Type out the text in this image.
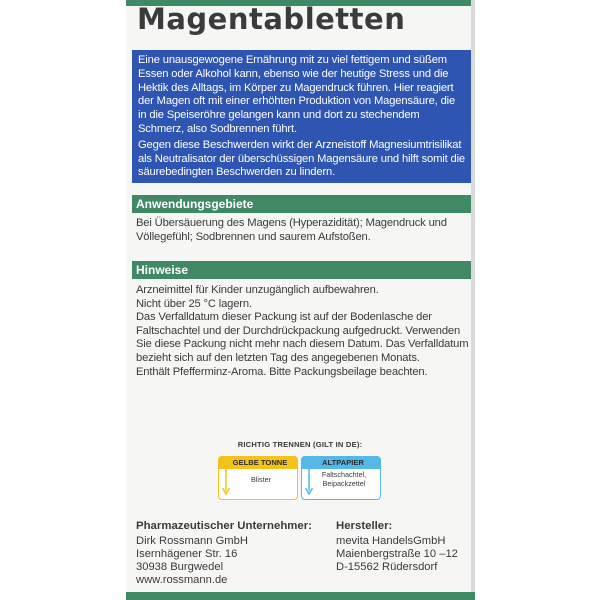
Magentabletten

Eine unausgewogene Ernährung mit zu viel fettigem und süßem Essen oder Alkohol kann, ebenso wie der heutige Stress und die Hektik des Alltags, im Körper zu Magendruck führen. Hier reagiert der Magen oft mit einer erhöhten Produktion von Magensäure, die in die Speiseröhre gelangen kann und dort zu stechendem Schmerz, also Sodbrennen führt.

Gegen diese Beschwerden wirkt der Arzneistoff Magnesiumtrisilikat als Neutralisator der überschüssigen Magensäure und hilft somit die säurebedingten Beschwerden zu lindern.

Anwendungsgebiete

Bei Übersäuerung des Magens (Hyperazidität); Magendruck und Völlegefühl; Sodbrennen und saurem Aufstoßen.

Hinweise

Arzneimittel für Kinder unzugänglich aufbewahren.

Nicht über 25 °C lagern.

Das Verfalldatum dieser Packung ist auf der Bodenlasche der Faltschachtel und der Durchdrückpackung aufgedruckt. Verwenden Sie diese Packung nicht mehr nach diesem Datum. Das Verfalldatum bezieht sich auf den letzten Tag des angegebenen Monats.

Enthält Pfefferminz-Aroma. Bitte Packungsbeilage beachten.

RICHTIG TRENNEN (GILT IN DE):
GELBE TONNE
Blister
ALTPAPIER
Faltschachtel,
Beipackzettel
Pharmazeutischer Unternehmer:
Dirk Rossmann GmbH
Isernhägener Str. 16
30938 Burgwedel
www.rossmann.de
Hersteller:
mevita HandelsGmbH
Maienbergstraße 10 –12
D-15562 Rüdersdorf
